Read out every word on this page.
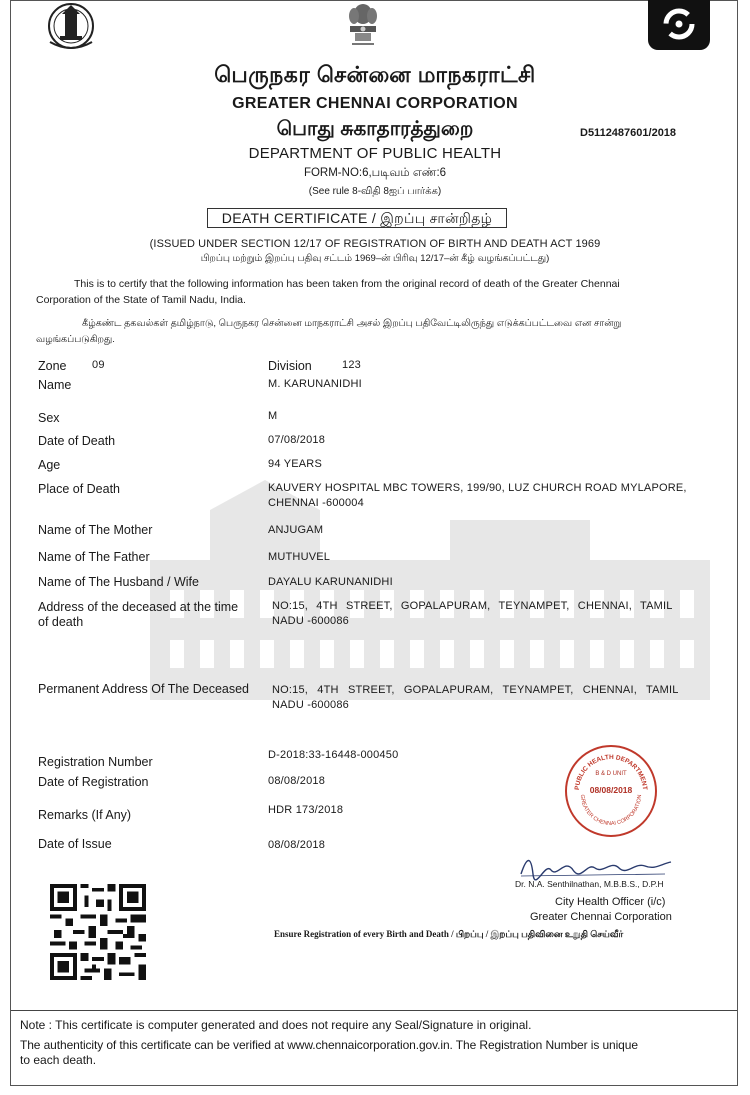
பெருநகர சென்னை மாநகராட்சி
GREATER CHENNAI CORPORATION
பொது சுகாதாரத்துறை	D5112487601/2018
DEPARTMENT OF PUBLIC HEALTH
FORM-NO:6,படிவம் எண்:6
(See rule 8-விதி 8ஐப் பார்க்க)
DEATH CERTIFICATE / இறப்பு சான்றிதழ்
(ISSUED UNDER SECTION 12/17 OF REGISTRATION OF BIRTH AND DEATH ACT 1969
பிறப்பு மற்றும் இறப்பு பதிவு சட்டம் 1969–ன் பிரிவு 12/17–ன் கீழ் வழங்கப்பட்டது)
This is to certify that the following information has been taken from the original record of death of the Greater Chennai
Corporation of the State of Tamil Nadu, India.
கீழ்கண்ட தகவல்கள் தமிழ்நாடு, பெருநகர சென்னை மாநகராட்சி அசல் இறப்பு பதிவேட்டிலிருந்து எடுக்கப்பட்டவை என சான்று
வழங்கப்படுகிறது.
Zone 09	Division	123
Name	M. KARUNANIDHI
Sex	M
Date of Death	07/08/2018
Age	94 YEARS
Place of Death	KAUVERY HOSPITAL MBC TOWERS, 199/90, LUZ CHURCH ROAD MYLAPORE,
CHENNAI -600004
Name of The Mother	ANJUGAM
Name of The Father	MUTHUVEL
Name of The Husband / Wife	DAYALU KARUNANIDHI
Address of the deceased at the time
of death
NO:15, 4TH STREET, GOPALAPURAM, TEYNAMPET, CHENNAI, TAMIL
NADU -600086
Permanent Address Of The Deceased NO:15, 4TH STREET, GOPALAPURAM, TEYNAMPET, CHENNAI, TAMIL
NADU -600086
Registration Number	D-2018:33-16448-000450
Date of Registration	08/08/2018
Remarks (If Any)	HDR 173/2018
Date of Issue	08/08/2018
PUBLIC HEALTH DEPARTMENT
GREATER CHENNAI CORPORATION
B & D UNIT
08/08/2018
Dr. N.A. Senthilnathan, M.B.B.S., D.P.H
City Health Officer (i/c)
Greater Chennai Corporation
Ensure Registration of every Birth and Death / பிறப்பு / இறப்பு பதிவினை உறுதி செய்வீர்
Note : This certificate is computer generated and does not require any Seal/Signature in original.
The authenticity of this certificate can be verified at www.chennaicorporation.gov.in. The Registration Number is unique
to each death.
